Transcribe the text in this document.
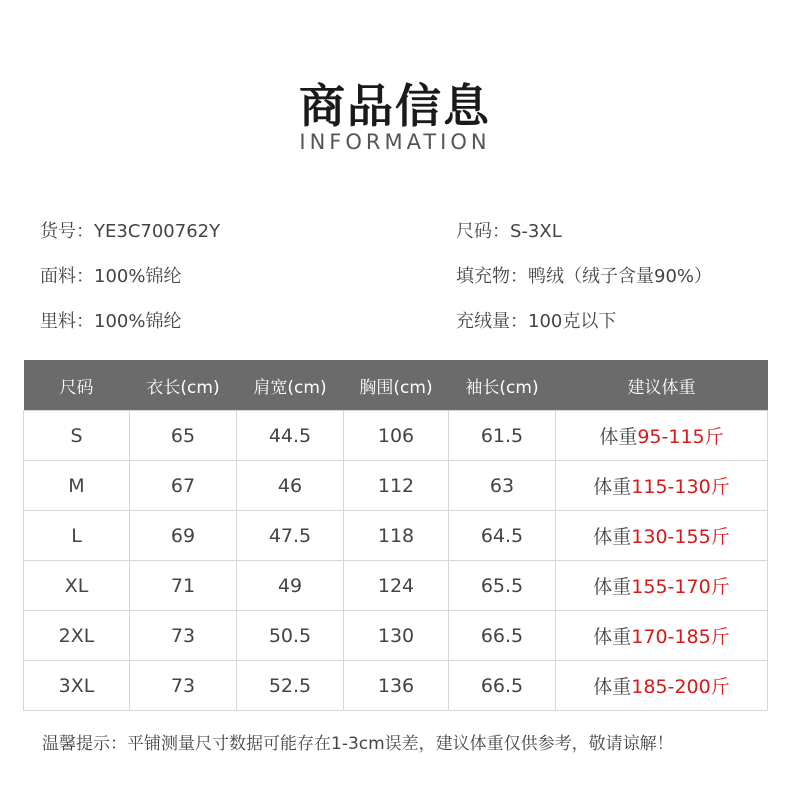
商品信息
INFORMATION
货号：YE3C700762Y
面料：100%锦纶
里料：100%锦纶
尺码：S-3XL
填充物：鸭绒（绒子含量90%）
充绒量：100克以下
尺码	衣长(cm)	肩宽(cm)	胸围(cm)	袖长(cm)	建议体重
S	65	44.5	106	61.5	体重95-115斤
M	67	46	112	63	体重115-130斤
L	69	47.5	118	64.5	体重130-155斤
XL	71	49	124	65.5	体重155-170斤
2XL	73	50.5	130	66.5	体重170-185斤
3XL	73	52.5	136	66.5	体重185-200斤
温馨提示：平铺测量尺寸数据可能存在1-3cm误差，建议体重仅供参考，敬请谅解！
